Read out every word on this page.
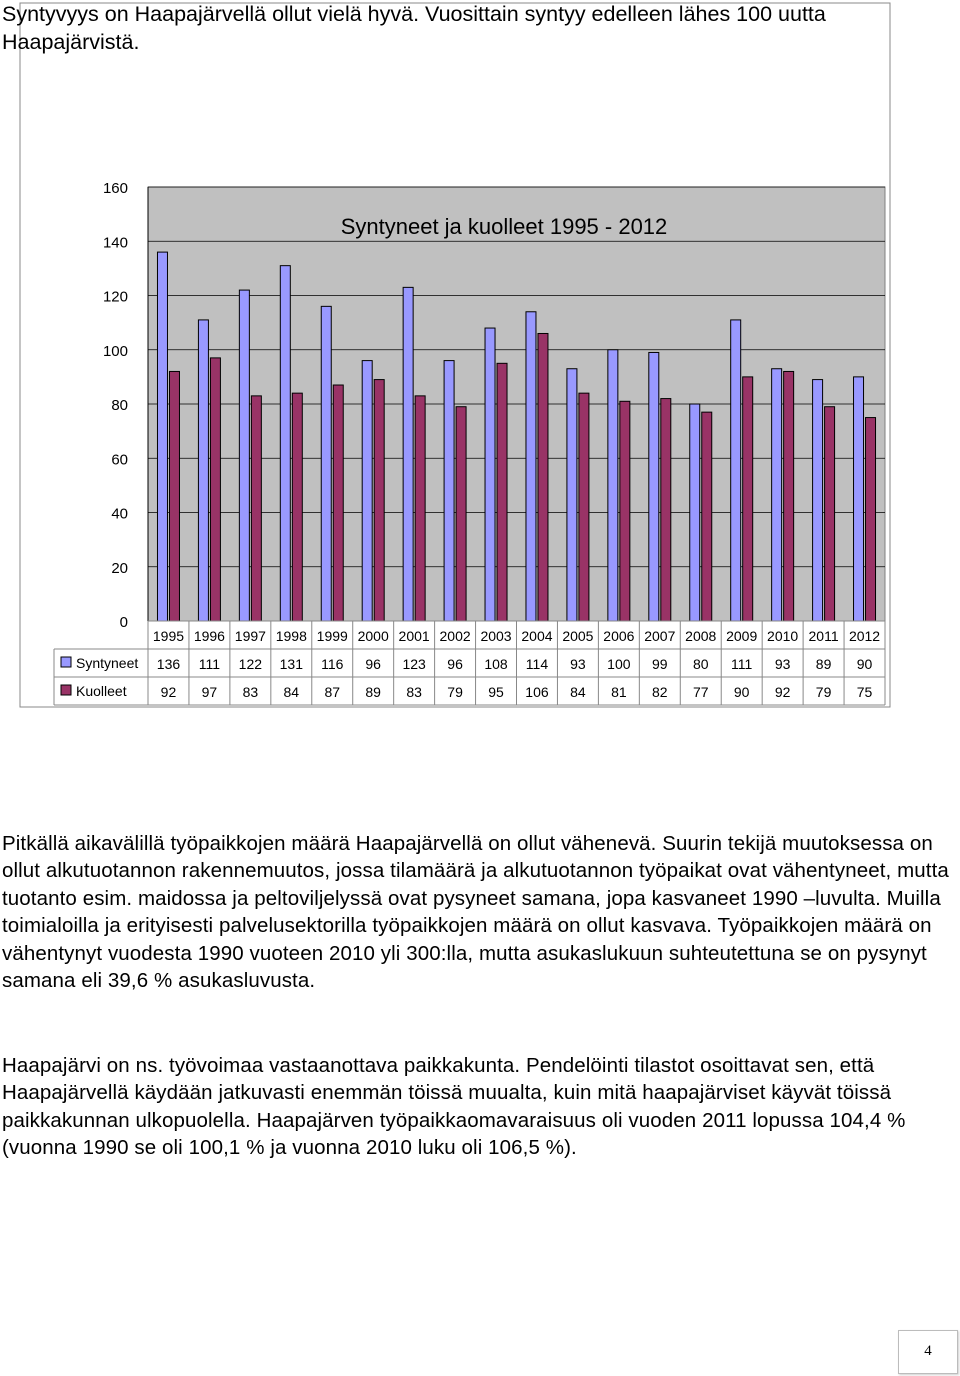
0
20
40
60
80
100
120
140
160
1995 1996 1997 1998 1999 2000 2001 2002 2003 2004 2005 2006 2007 2008 2009 2010 2011 2012
Syntyneet 136 111 122 131 116 96 123 96 108 114 93 100 99 80 111 93 89 90
Kuolleet 92 97 83 84 87 89 83 79 95 106 84 81 82 77 90 92 79 75
Syntyneet ja kuolleet 1995 - 2012

Syntyvyys on Haapajärvellä ollut vielä hyvä. Vuosittain syntyy edelleen lähes 100 uutta Haapajärvistä.

Pitkällä aikavälillä työpaikkojen määrä Haapajärvellä on ollut vähenevä. Suurin tekijä muutoksessa on ollut alkutuotannon rakennemuutos, jossa tilamäärä ja alkutuotannon työpaikat ovat vähentyneet, mutta tuotanto esim. maidossa ja peltoviljelyssä ovat pysyneet samana, jopa kasvaneet 1990 –luvulta. Muilla toimialoilla ja erityisesti palvelusektorilla työpaikkojen määrä on ollut kasvava. Työpaikkojen määrä on vähentynyt vuodesta 1990 vuoteen 2010 yli 300:lla, mutta asukaslukuun suhteutettuna se on pysynyt samana eli 39,6 % asukasluvusta.

Haapajärvi on ns. työvoimaa vastaanottava paikkakunta. Pendelöinti tilastot osoittavat sen, että Haapajärvellä käydään jatkuvasti enemmän töissä muualta, kuin mitä haapajärviset käyvät töissä paikkakunnan ulkopuolella. Haapajärven työpaikkaomavaraisuus oli vuoden 2011 lopussa 104,4 % (vuonna 1990 se oli 100,1 % ja vuonna 2010 luku oli 106,5 %).

4
